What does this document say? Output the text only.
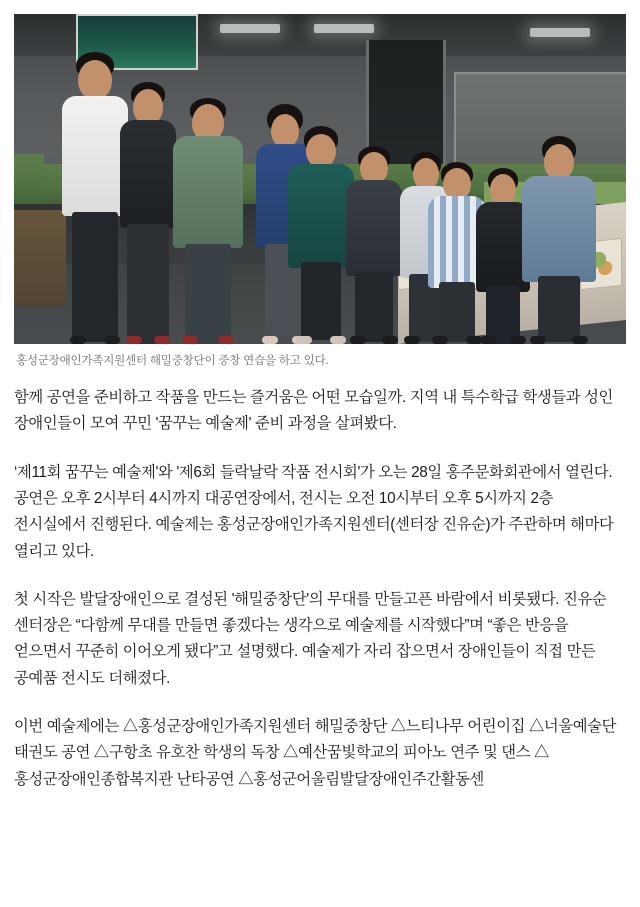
홍성군장애인가족지원센터 해밀중창단이 중창 연습을 하고 있다.

함께 공연을 준비하고 작품을 만드는 즐거움은 어떤 모습일까. 지역 내 특수학급 학생들과 성인 장애인들이 모여 꾸민 '꿈꾸는 예술제' 준비 과정을 살펴봤다.

‘제11회 꿈꾸는 예술제'와 '제6회 들락날락 작품 전시회'가 오는 28일 홍주문화회관에서 열린다. 공연은 오후 2시부터 4시까지 대공연장에서, 전시는 오전 10시부터 오후 5시까지 2층 전시실에서 진행된다. 예술제는 홍성군장애인가족지원센터(센터장 진유순)가 주관하며 해마다 열리고 있다.

첫 시작은 발달장애인으로 결성된 '해밀중창단'의 무대를 만들고픈 바람에서 비롯됐다. 진유순 센터장은 “다함께 무대를 만들면 좋겠다는 생각으로 예술제를 시작했다”며 “좋은 반응을 얻으면서 꾸준히 이어오게 됐다”고 설명했다. 예술제가 자리 잡으면서 장애인들이 직접 만든 공예품 전시도 더해졌다.

이번 예술제에는 △홍성군장애인가족지원센터 해밀중창단 △느티나무 어린이집 △너울예술단 태권도 공연 △구항초 유호찬 학생의 독창 △예산꿈빛학교의 피아노 연주 및 댄스 △홍성군장애인종합복지관 난타공연 △홍성군어울림발달장애인주간활동센
